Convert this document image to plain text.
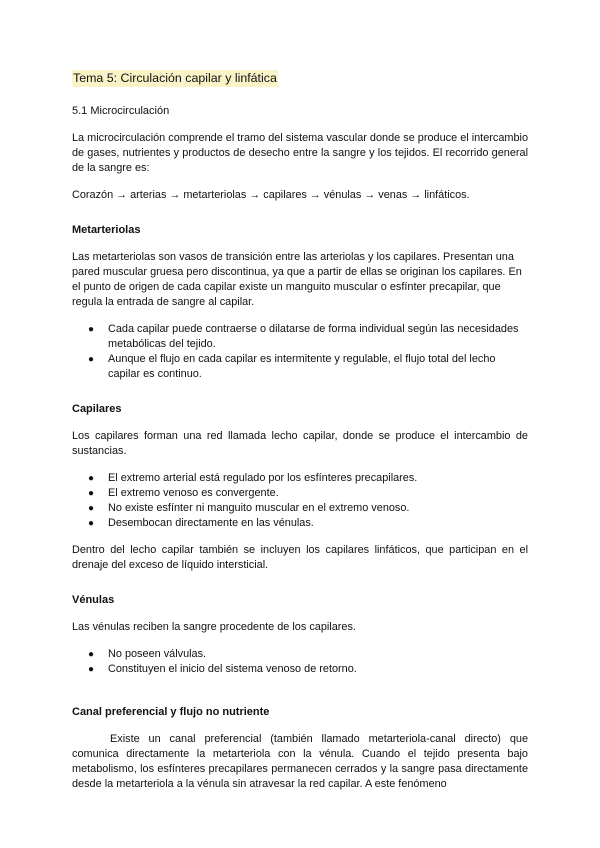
Tema 5: Circulación capilar y linfática
5.1 Microcirculación

La microcirculación comprende el tramo del sistema vascular donde se produce el intercambio de gases, nutrientes y productos de desecho entre la sangre y los tejidos. El recorrido general de la sangre es:

Corazón → arterias → metarteriolas → capilares → vénulas → venas → linfáticos.

Metarteriolas

Las metarteriolas son vasos de transición entre las arteriolas y los capilares. Presentan una pared muscular gruesa pero discontinua, ya que a partir de ellas se originan los capilares. En el punto de origen de cada capilar existe un manguito muscular o esfínter precapilar, que regula la entrada de sangre al capilar.

● Cada capilar puede contraerse o dilatarse de forma individual según las necesidades metabólicas del tejido.
● Aunque el flujo en cada capilar es intermitente y regulable, el flujo total del lecho capilar es continuo.
Capilares

Los capilares forman una red llamada lecho capilar, donde se produce el intercambio de sustancias.

● El extremo arterial está regulado por los esfínteres precapilares.
● El extremo venoso es convergente.
● No existe esfínter ni manguito muscular en el extremo venoso.
● Desembocan directamente en las vénulas.

Dentro del lecho capilar también se incluyen los capilares linfáticos, que participan en el drenaje del exceso de líquido intersticial.

Vénulas

Las vénulas reciben la sangre procedente de los capilares.

● No poseen válvulas.
● Constituyen el inicio del sistema venoso de retorno.
Canal preferencial y flujo no nutriente

Existe un canal preferencial (también llamado metarteriola-canal directo) que comunica directamente la metarteriola con la vénula. Cuando el tejido presenta bajo metabolismo, los esfínteres precapilares permanecen cerrados y la sangre pasa directamente desde la metarteriola a la vénula sin atravesar la red capilar. A este fenómeno
